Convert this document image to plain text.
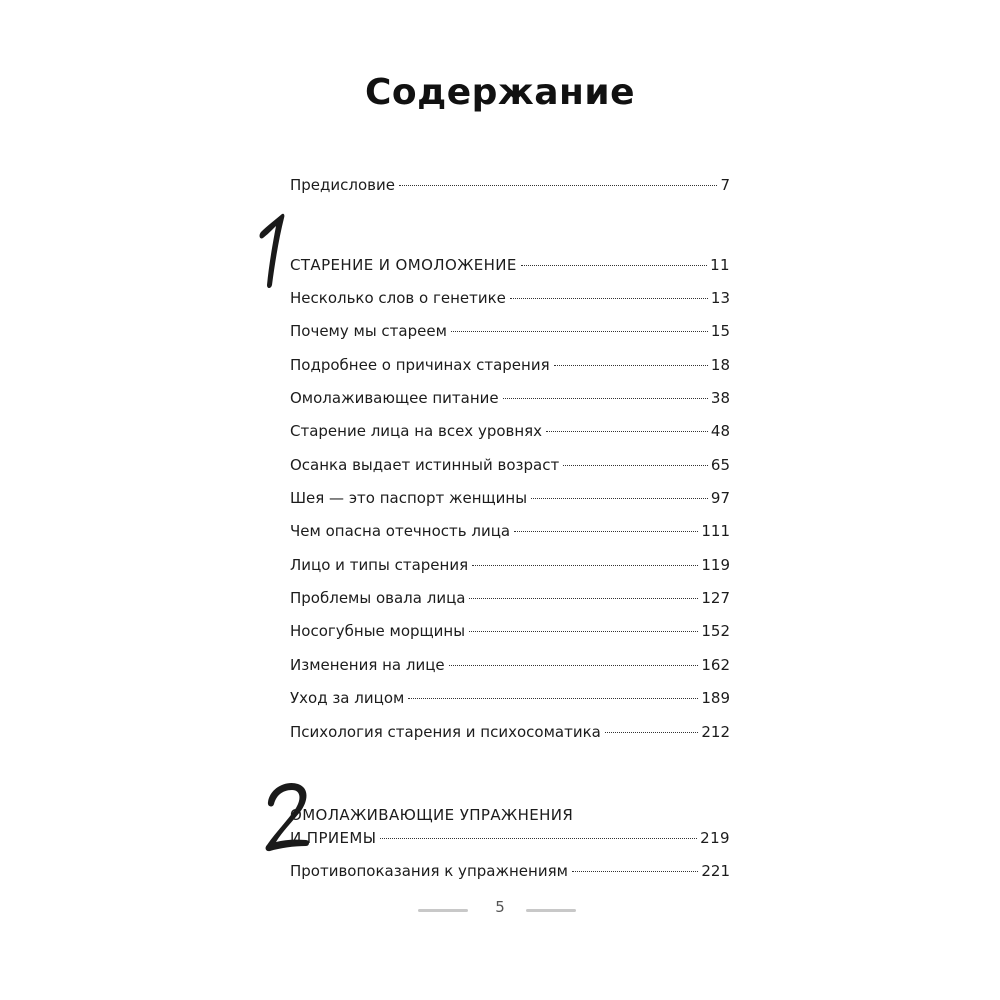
Содержание
Предисловие	7
СТАРЕНИЕ И ОМОЛОЖЕНИЕ	11
Несколько слов о генетике	13
Почему мы стареем	15
Подробнее о причинах старения	18
Омолаживающее питание	38
Старение лица на всех уровнях	48
Осанка выдает истинный возраст	65
Шея — это паспорт женщины	97
Чем опасна отечность лица	111
Лицо и типы старения	119
Проблемы овала лица	127
Носогубные морщины	152
Изменения на лице	162
Уход за лицом	189
Психология старения и психосоматика	212
ОМОЛАЖИВАЮЩИЕ УПРАЖНЕНИЯ
И ПРИЕМЫ	219
Противопоказания к упражнениям	221
5
